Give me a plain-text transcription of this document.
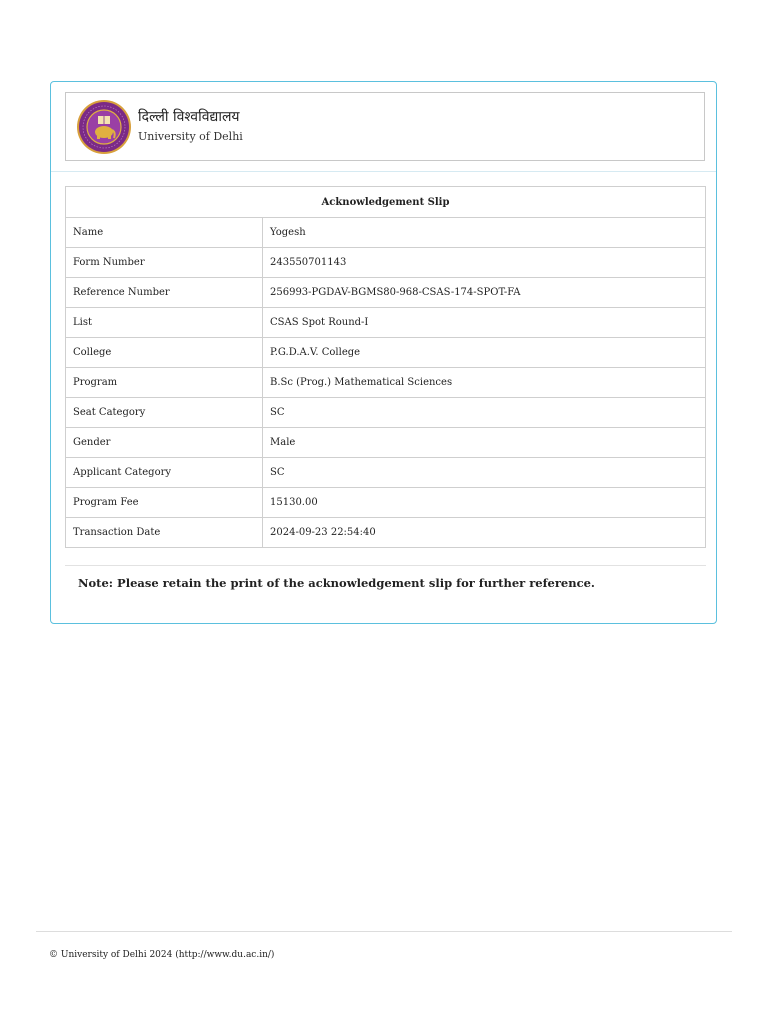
दिल्ली विश्वविद्यालय
University of Delhi
Acknowledgement Slip	
Name	Yogesh
Form Number	243550701143
Reference Number	256993-PGDAV-BGMS80-968-CSAS-174-SPOT-FA
List	CSAS Spot Round-I
College	P.G.D.A.V. College
Program	B.Sc (Prog.) Mathematical Sciences
Seat Category	SC
Gender	Male
Applicant Category	SC
Program Fee	15130.00
Transaction Date	2024-09-23 22:54:40
Note: Please retain the print of the acknowledgement slip for further reference.
© University of Delhi 2024 (http://www.du.ac.in/)
